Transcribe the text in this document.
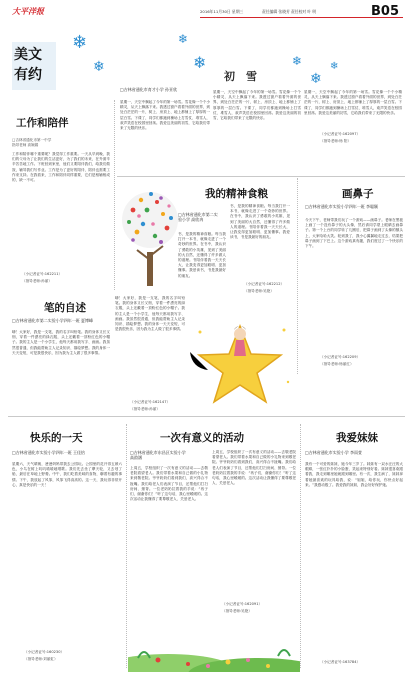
大平洋报	2016年11月30日 星期三	责任编辑 张晓芳 责任校对 叶 明	B05
美文
有约
❄
❄
❄
❄	❄
❄
❄
工作和陪伴
□吉林省通化市第一中学
指导老师 高婉娟
工作和陪伴哪个重要呢？我觉得工作重要。一天从早到晚，我们的父母为了让我们的生活更好，为了我们的未来，在外面辛辛苦苦地工作。下班回到家里，他们又要陪伴我们，给我们做饭，辅导我们写作业。工作是为了更好的陪伴，陪伴也需要工作来支持。在我看来，工作和陪伴同样重要，它们是相辅相成的，缺一不可。
（小记者证号:162211）
（指导老师:孙丽）
初　雪
□吉林省通化市育才小学 孙亚欣
星期一，天空中飘起了今年的第一场雪。雪花像一个个小精灵，从天上飘落下来。我透过窗户看着外面的世界，到处白茫茫的一片，树上、房顶上、地上都铺上了厚厚的一层白雪。下课了，同学们都跑到操场上打雪仗、堆雪人，欢声笑语在校园里回荡。我爱这美丽的初雪，它给我们带来了无限的快乐。
星期一，天空中飘起了今年的第一场雪。雪花像一个个小精灵，从天上飘落下来。我透过窗户看着外面的世界，到处白茫茫的一片，树上、房顶上、地上都铺上了厚厚的一层白雪。下课了，同学们都跑到操场上打雪仗、堆雪人，欢声笑语在校园里回荡。我爱这美丽的初雪，它给我们带来了无限的快乐。
星期一，天空中飘起了今年的第一场雪。雪花像一个个小精灵，从天上飘落下来。我透过窗户看着外面的世界，到处白茫茫的一片，树上、房顶上、地上都铺上了厚厚的一层白雪。下课了，同学们都跑到操场上打雪仗、堆雪人，欢声笑语在校园里回荡。我爱这美丽的初雪，它给我们带来了无限的快乐。
（小记者证号:162097）
（指导老师:杨 阳）
我的精神食粮
□吉林省通化市第二实验小学 高欣冉
书，是我的精神食粮。每当我打开一本书，就像走进了一个奇妙的世界。在书中，我认识了勇敢的小英雄，见到了美丽的大自然，还懂得了许多做人的道理。书陪伴着我一天天长大，让我变得更加聪明、更加懂事。我爱读书，书是我最好的朋友。
书，是我的精神食粮。每当我打开一本书，就像走进了一个奇妙的世界。在书中，我认识了勇敢的小英雄，见到了美丽的大自然，还懂得了许多做人的道理。书陪伴着我一天天长大，让我变得更加聪明、更加懂事。我爱读书，书是我最好的朋友。
（小记者证号:162212）
（指导老师:吴艳）
画鼻子
□吉林省通化市实验小学四年一班 李聪颖
今天下午，老师带我们玩了一个游戏——画鼻子。老师在黑板上画了一个没有鼻子的大头像，然后请同学蒙上眼睛去画鼻子。第一个上台的同学转了几圈后，把鼻子画到了头像的额头上，大家哈哈大笑。轮到我了，我小心翼翼地走过去，结果把鼻子画到了下巴上。这个游戏真有趣，我们度过了一个快乐的下午。
（小记者证号:162209）
（指导老师:杨丽红）
笔的自述
□吉林省通化市第二实验小学四年一班 夏博峰
嗨！大家好，我是一支笔，我的名字叫铅笔。我的身体又长又细，穿着一件漂亮的绿衣服，头上还戴着一顶粉红色的小帽子。我的主人是一个小学生，他每天都用我写字、画画。我虽然很普通，但我能帮助主人记录知识、描绘梦想。我的身体一天天变短，可是我很快乐，因为我为主人做了很多事情。
嗨！大家好，我是一支笔，我的名字叫铅笔。我的身体又长又细，穿着一件漂亮的绿衣服，头上还戴着一顶粉红色的小帽子。我的主人是一个小学生，他每天都用我写字、画画。我虽然很普通，但我能帮助主人记录知识、描绘梦想。我的身体一天天变短，可是我很快乐，因为我为主人做了很多事情。
（小记者证号:162147）
（指导老师:孙丽）
快乐的一天
□吉林省通化市实验小学四年一班 王佳怡
星期六，天气晴朗，爸爸妈妈带我去公园玩。公园里的花开得五颜六色，小鸟在树上叽叽喳喳地唱歌。我们先去坐了摩天轮，又去划了船，最后在草地上野餐。中午，我们吃着美味的食物，聊着有趣的事情。下午，我放起了风筝，风筝飞得高高的。这一天，我玩得非常开心，真是快乐的一天！
（小记者证号:160230）
（指导老师:刘丽虹）
一次有意义的活动
□吉林省通化市东昌区实验小学 高韵涵
上周五，学校组织了一次有意义的活动——去敬老院看望老人。我们带着水果和自己做的小礼物来到敬老院。爷爷奶奶们看到我们，高兴得合不拢嘴。我们给老人们表演了节目，还帮他们打扫房间、捶背。一位老奶奶拉着我的手说：“孩子们，谢谢你们！”听了这句话，我心里暖暖的。这次活动让我懂得了要尊敬老人、关爱老人。
上周五，学校组织了一次有意义的活动——去敬老院看望老人。我们带着水果和自己做的小礼物来到敬老院。爷爷奶奶们看到我们，高兴得合不拢嘴。我们给老人们表演了节目，还帮他们打扫房间、捶背。一位老奶奶拉着我的手说：“孩子们，谢谢你们！”听了这句话，我心里暖暖的。这次活动让我懂得了要尊敬老人、关爱老人。
（小记者证号:162091）
（指导老师:吴艳）
我爱妹妹
□吉林省通化市实验小学 李雨萱
我有一个可爱的妹妹，她今年三岁了。妹妹有一双水汪汪的大眼睛，一张红扑扑的小脸蛋，笑起来特别好看。妹妹很喜欢跟着我，我走到哪里她就跟到哪里。有一次，我生病了，妹妹拿着她最喜欢的玩具给我，说：“姐姐，给你玩，你快点好起来。”我感动极了。我爱我的妹妹，我会好好保护她。
（小记者证号:163784）
